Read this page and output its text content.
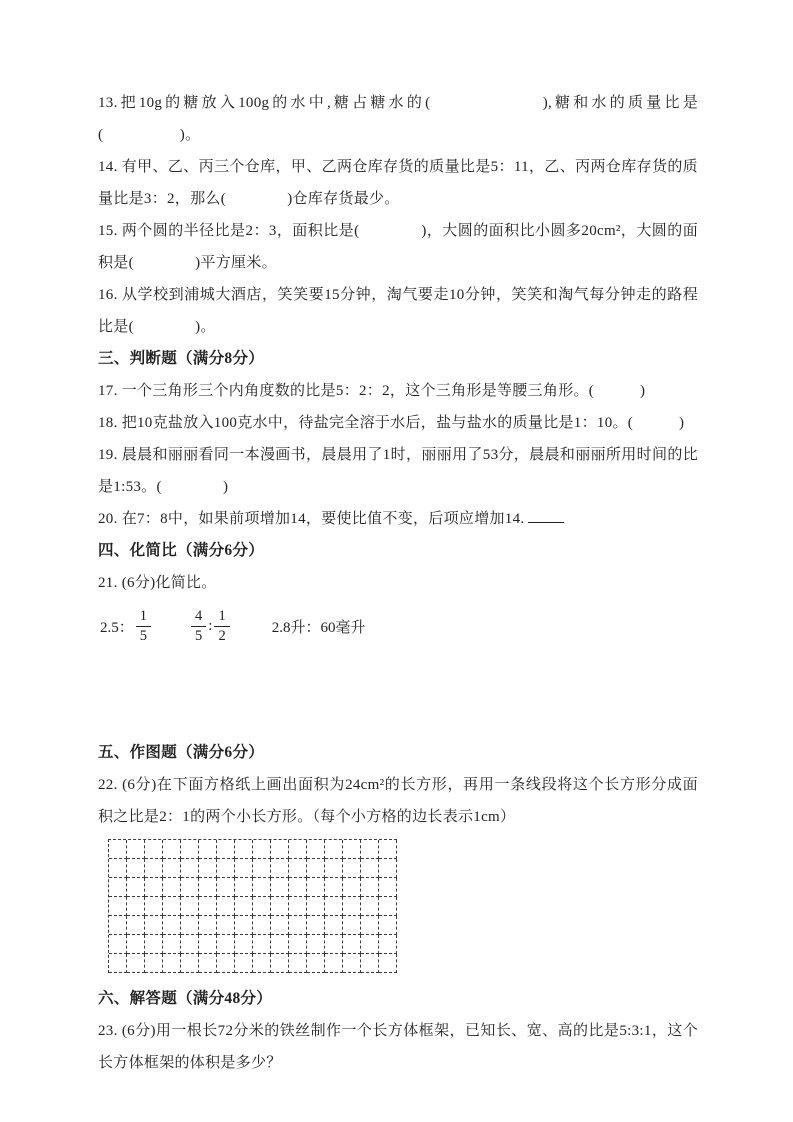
13.把10g的糖放入100g的水中,糖占糖水的(　　　　　　),糖和水的质量比是(　　　　　)。

14. 有甲、乙、丙三个仓库，甲、乙两仓库存货的质量比是5：11，乙、丙两仓库存货的质量比是3：2，那么(　　　　)仓库存货最少。

15. 两个圆的半径比是2：3，面积比是(　　　　)，大圆的面积比小圆多20cm²，大圆的面积是(　　　　)平方厘米。

16. 从学校到浦城大酒店，笑笑要15分钟，淘气要走10分钟，笑笑和淘气每分钟走的路程比是(　　　　)。

三、判断题（满分8分）

17. 一个三角形三个内角度数的比是5：2：2，这个三角形是等腰三角形。(　　　)

18. 把10克盐放入100克水中，待盐完全溶于水后，盐与盐水的质量比是1：10。(　　　)

19. 晨晨和丽丽看同一本漫画书，晨晨用了1时，丽丽用了53分，晨晨和丽丽所用时间的比是1:53。(　　　　)

20. 在7：8中，如果前项增加14，要使比值不变，后项应增加14.

四、化简比（满分6分）

21. (6分)化简比。

2.5： $\frac{1}{5}$	$\frac{4}{5}$ : $\frac{1}{2}$	2.8升：60毫升

五、作图题（满分6分）

22. (6分)在下面方格纸上画出面积为24cm²的长方形，再用一条线段将这个长方形分成面积之比是2：1的两个小长方形。（每个小方格的边长表示1cm）

六、解答题（满分48分）

23. (6分)用一根长72分米的铁丝制作一个长方体框架，已知长、宽、高的比是5:3:1，这个长方体框架的体积是多少？
